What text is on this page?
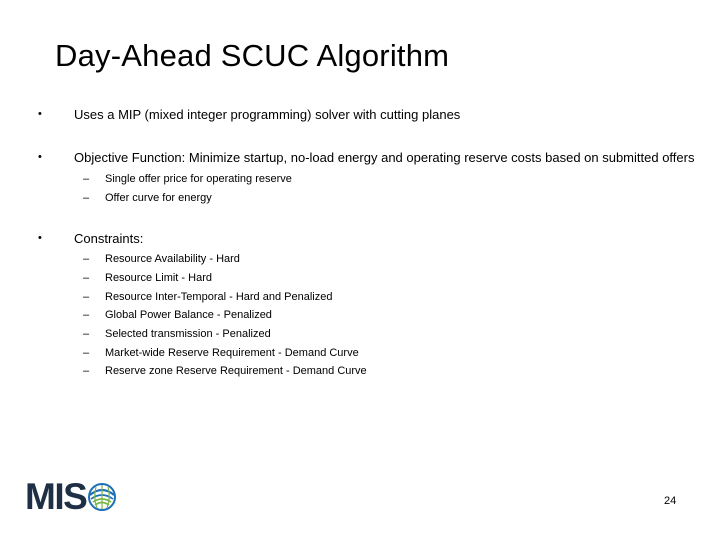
Day-Ahead SCUC Algorithm
• Uses a MIP (mixed integer programming) solver with cutting planes
• Objective Function: Minimize startup, no-load energy and operating reserve costs based on submitted offers
– Single offer price for operating reserve
– Offer curve for energy
• Constraints:
– Resource Availability - Hard
– Resource Limit - Hard
– Resource Inter-Temporal - Hard and Penalized
– Global Power Balance - Penalized
– Selected transmission - Penalized
– Market-wide Reserve Requirement - Demand Curve
– Reserve zone Reserve Requirement - Demand Curve
MIS	24
